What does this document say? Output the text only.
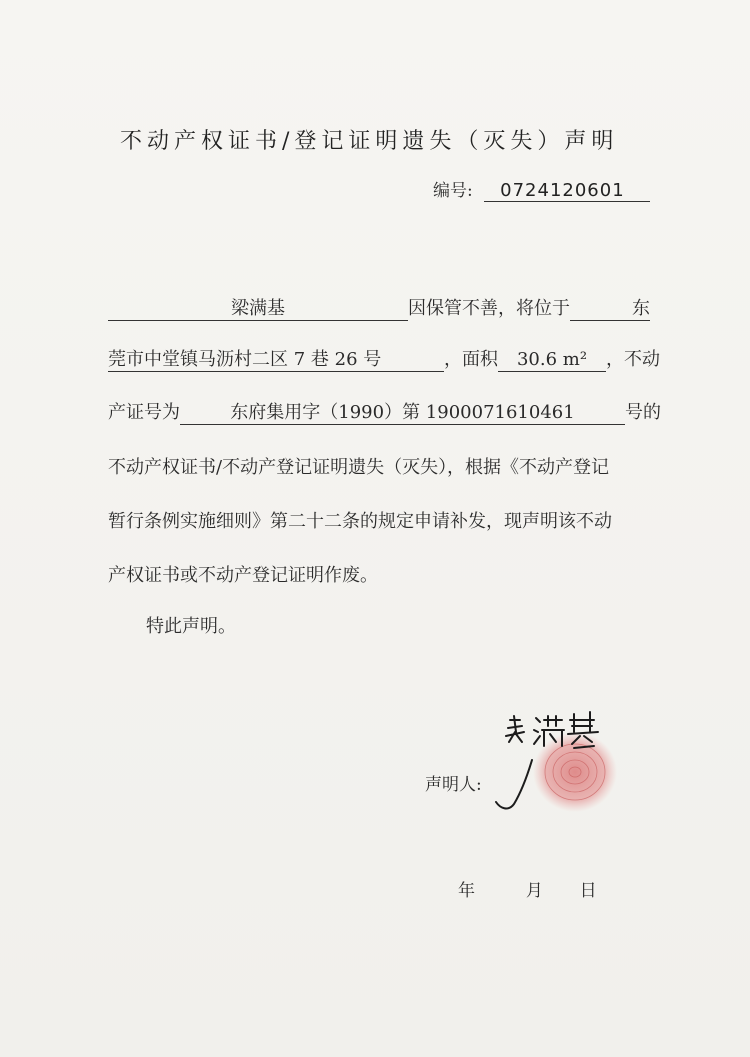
不动产权证书/登记证明遗失（灭失）声明
编号: 0724120601
梁满基	因保管不善，将位于	东
莞市中堂镇马沥村二区 7 巷 26 号	，面积 30.6 m² ，不动
产证号为	东府集用字（1990）第 1900071610461	号的
不动产权证书/不动产登记证明遗失（灭失），根据《不动产登记
暂行条例实施细则》第二十二条的规定申请补发，现声明该不动
产权证书或不动产登记证明作废。
特此声明。
声明人:
年	月 日
